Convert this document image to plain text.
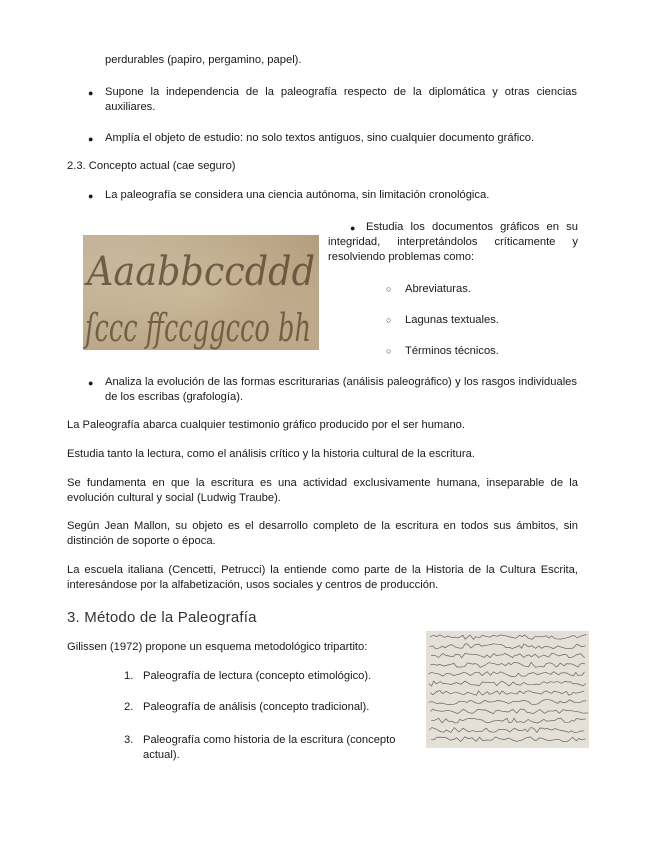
perdurables (papiro, pergamino, papel).
● Supone la independencia de la paleografía respecto de la diplomática y otras ciencias auxiliares.
● Amplía el objeto de estudio: no solo textos antiguos, sino cualquier documento gráfico.
2.3. Concepto actual (cae seguro)
● La paleografía se considera una ciencia autónoma, sin limitación cronológica.
Aaabbccddd
ſccc ffccggcco bh
● Estudia los documentos gráficos en su integridad, interpretándolos críticamente y resolviendo problemas como:
○ Abreviaturas.
○ Lagunas textuales.
○ Términos técnicos.
● Analiza la evolución de las formas escriturarias (análisis paleográfico) y los rasgos individuales de los escribas (grafología).
La Paleografía abarca cualquier testimonio gráfico producido por el ser humano.
Estudia tanto la lectura, como el análisis crítico y la historia cultural de la escritura.
Se fundamenta en que la escritura es una actividad exclusivamente humana, inseparable de la evolución cultural y social (Ludwig Traube).
Según Jean Mallon, su objeto es el desarrollo completo de la escritura en todos sus ámbitos, sin distinción de soporte o época.
La escuela italiana (Cencetti, Petrucci) la entiende como parte de la Historia de la Cultura Escrita, interesándose por la alfabetización, usos sociales y centros de producción.
3. Método de la Paleografía
Gilissen (1972) propone un esquema metodológico tripartito:
1. Paleografía de lectura (concepto etimológico).
2. Paleografía de análisis (concepto tradicional).
3. Paleografía como historia de la escritura (concepto actual).
